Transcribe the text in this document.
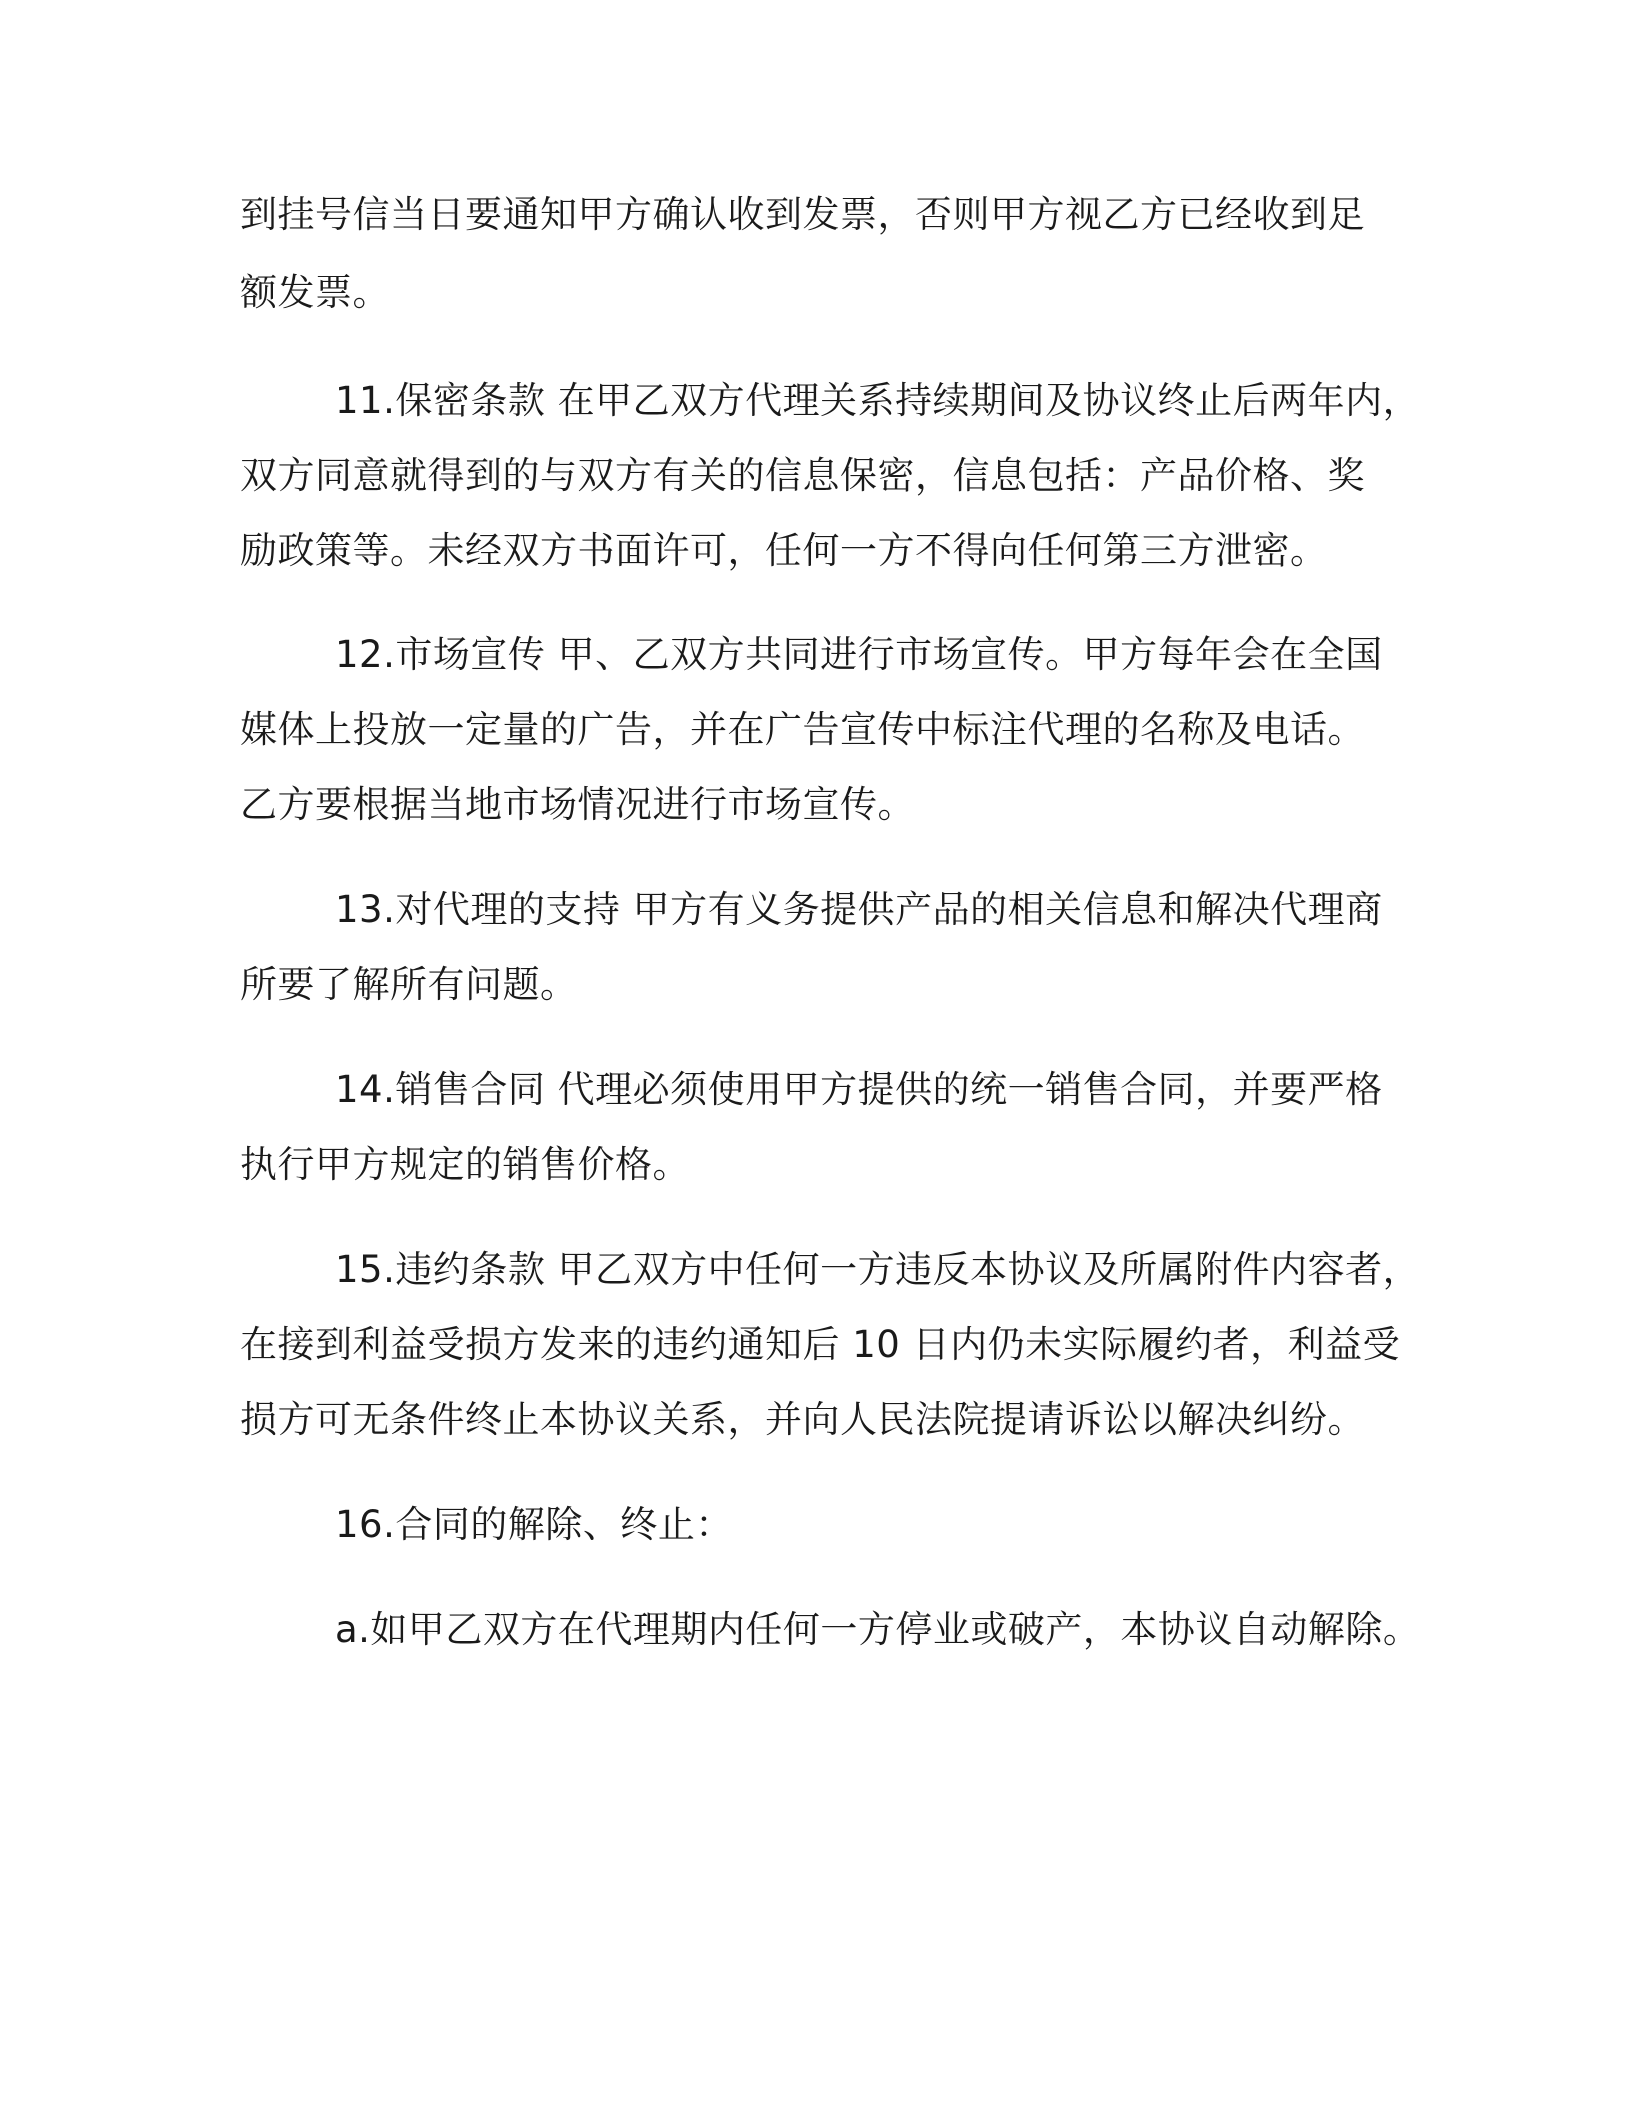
到挂号信当日要通知甲方确认收到发票，否则甲方视乙方已经收到足
额发票。
11.保密条款 在甲乙双方代理关系持续期间及协议终止后两年内，
双方同意就得到的与双方有关的信息保密，信息包括：产品价格、奖
励政策等。未经双方书面许可，任何一方不得向任何第三方泄密。
12.市场宣传 甲、乙双方共同进行市场宣传。甲方每年会在全国
媒体上投放一定量的广告，并在广告宣传中标注代理的名称及电话。
乙方要根据当地市场情况进行市场宣传。
13.对代理的支持 甲方有义务提供产品的相关信息和解决代理商
所要了解所有问题。
14.销售合同 代理必须使用甲方提供的统一销售合同，并要严格
执行甲方规定的销售价格。
15.违约条款 甲乙双方中任何一方违反本协议及所属附件内容者，
在接到利益受损方发来的违约通知后 10 日内仍未实际履约者，利益受
损方可无条件终止本协议关系，并向人民法院提请诉讼以解决纠纷。
16.合同的解除、终止：
a.如甲乙双方在代理期内任何一方停业或破产，本协议自动解除。
